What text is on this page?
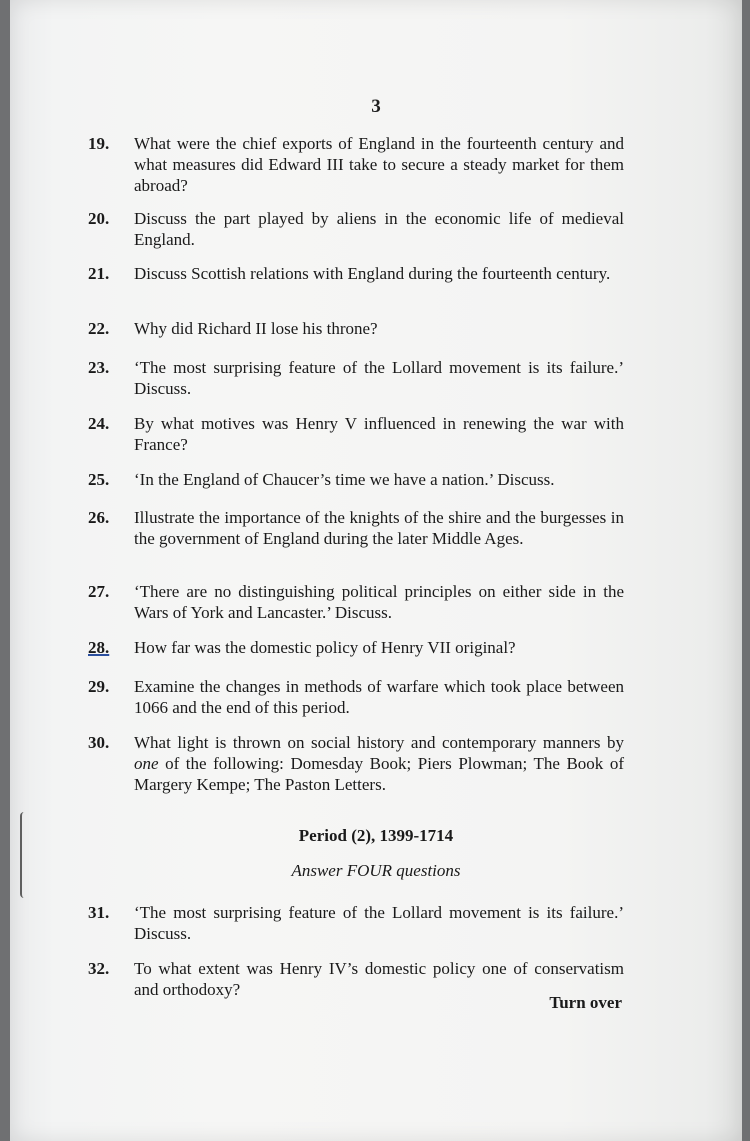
3
19.	What were the chief exports of England in the fourteenth century and what measures did Edward III take to secure a steady market for them abroad?
20.	Discuss the part played by aliens in the economic life of medieval England.
21.	Discuss Scottish relations with England during the fourteenth century.
22.	Why did Richard II lose his throne?
23.	‘The most surprising feature of the Lollard movement is its failure.’ Discuss.
24.	By what motives was Henry V influenced in renewing the war with France?
25.	‘In the England of Chaucer’s time we have a nation.’ Discuss.
26.	Illustrate the importance of the knights of the shire and the burgesses in the government of England during the later Middle Ages.
27.	‘There are no distinguishing political principles on either side in the Wars of York and Lancaster.’ Discuss.
28.	How far was the domestic policy of Henry VII original?
29.	Examine the changes in methods of warfare which took place between 1066 and the end of this period.
30.	What light is thrown on social history and contemporary manners by one of the following: Domesday Book; Piers Plowman; The Book of Margery Kempe; The Paston Letters.
Period (2), 1399-1714
Answer FOUR questions
31.	‘The most surprising feature of the Lollard movement is its failure.’ Discuss.
32.	To what extent was Henry IV’s domestic policy one of conservatism and orthodoxy?
Turn over
